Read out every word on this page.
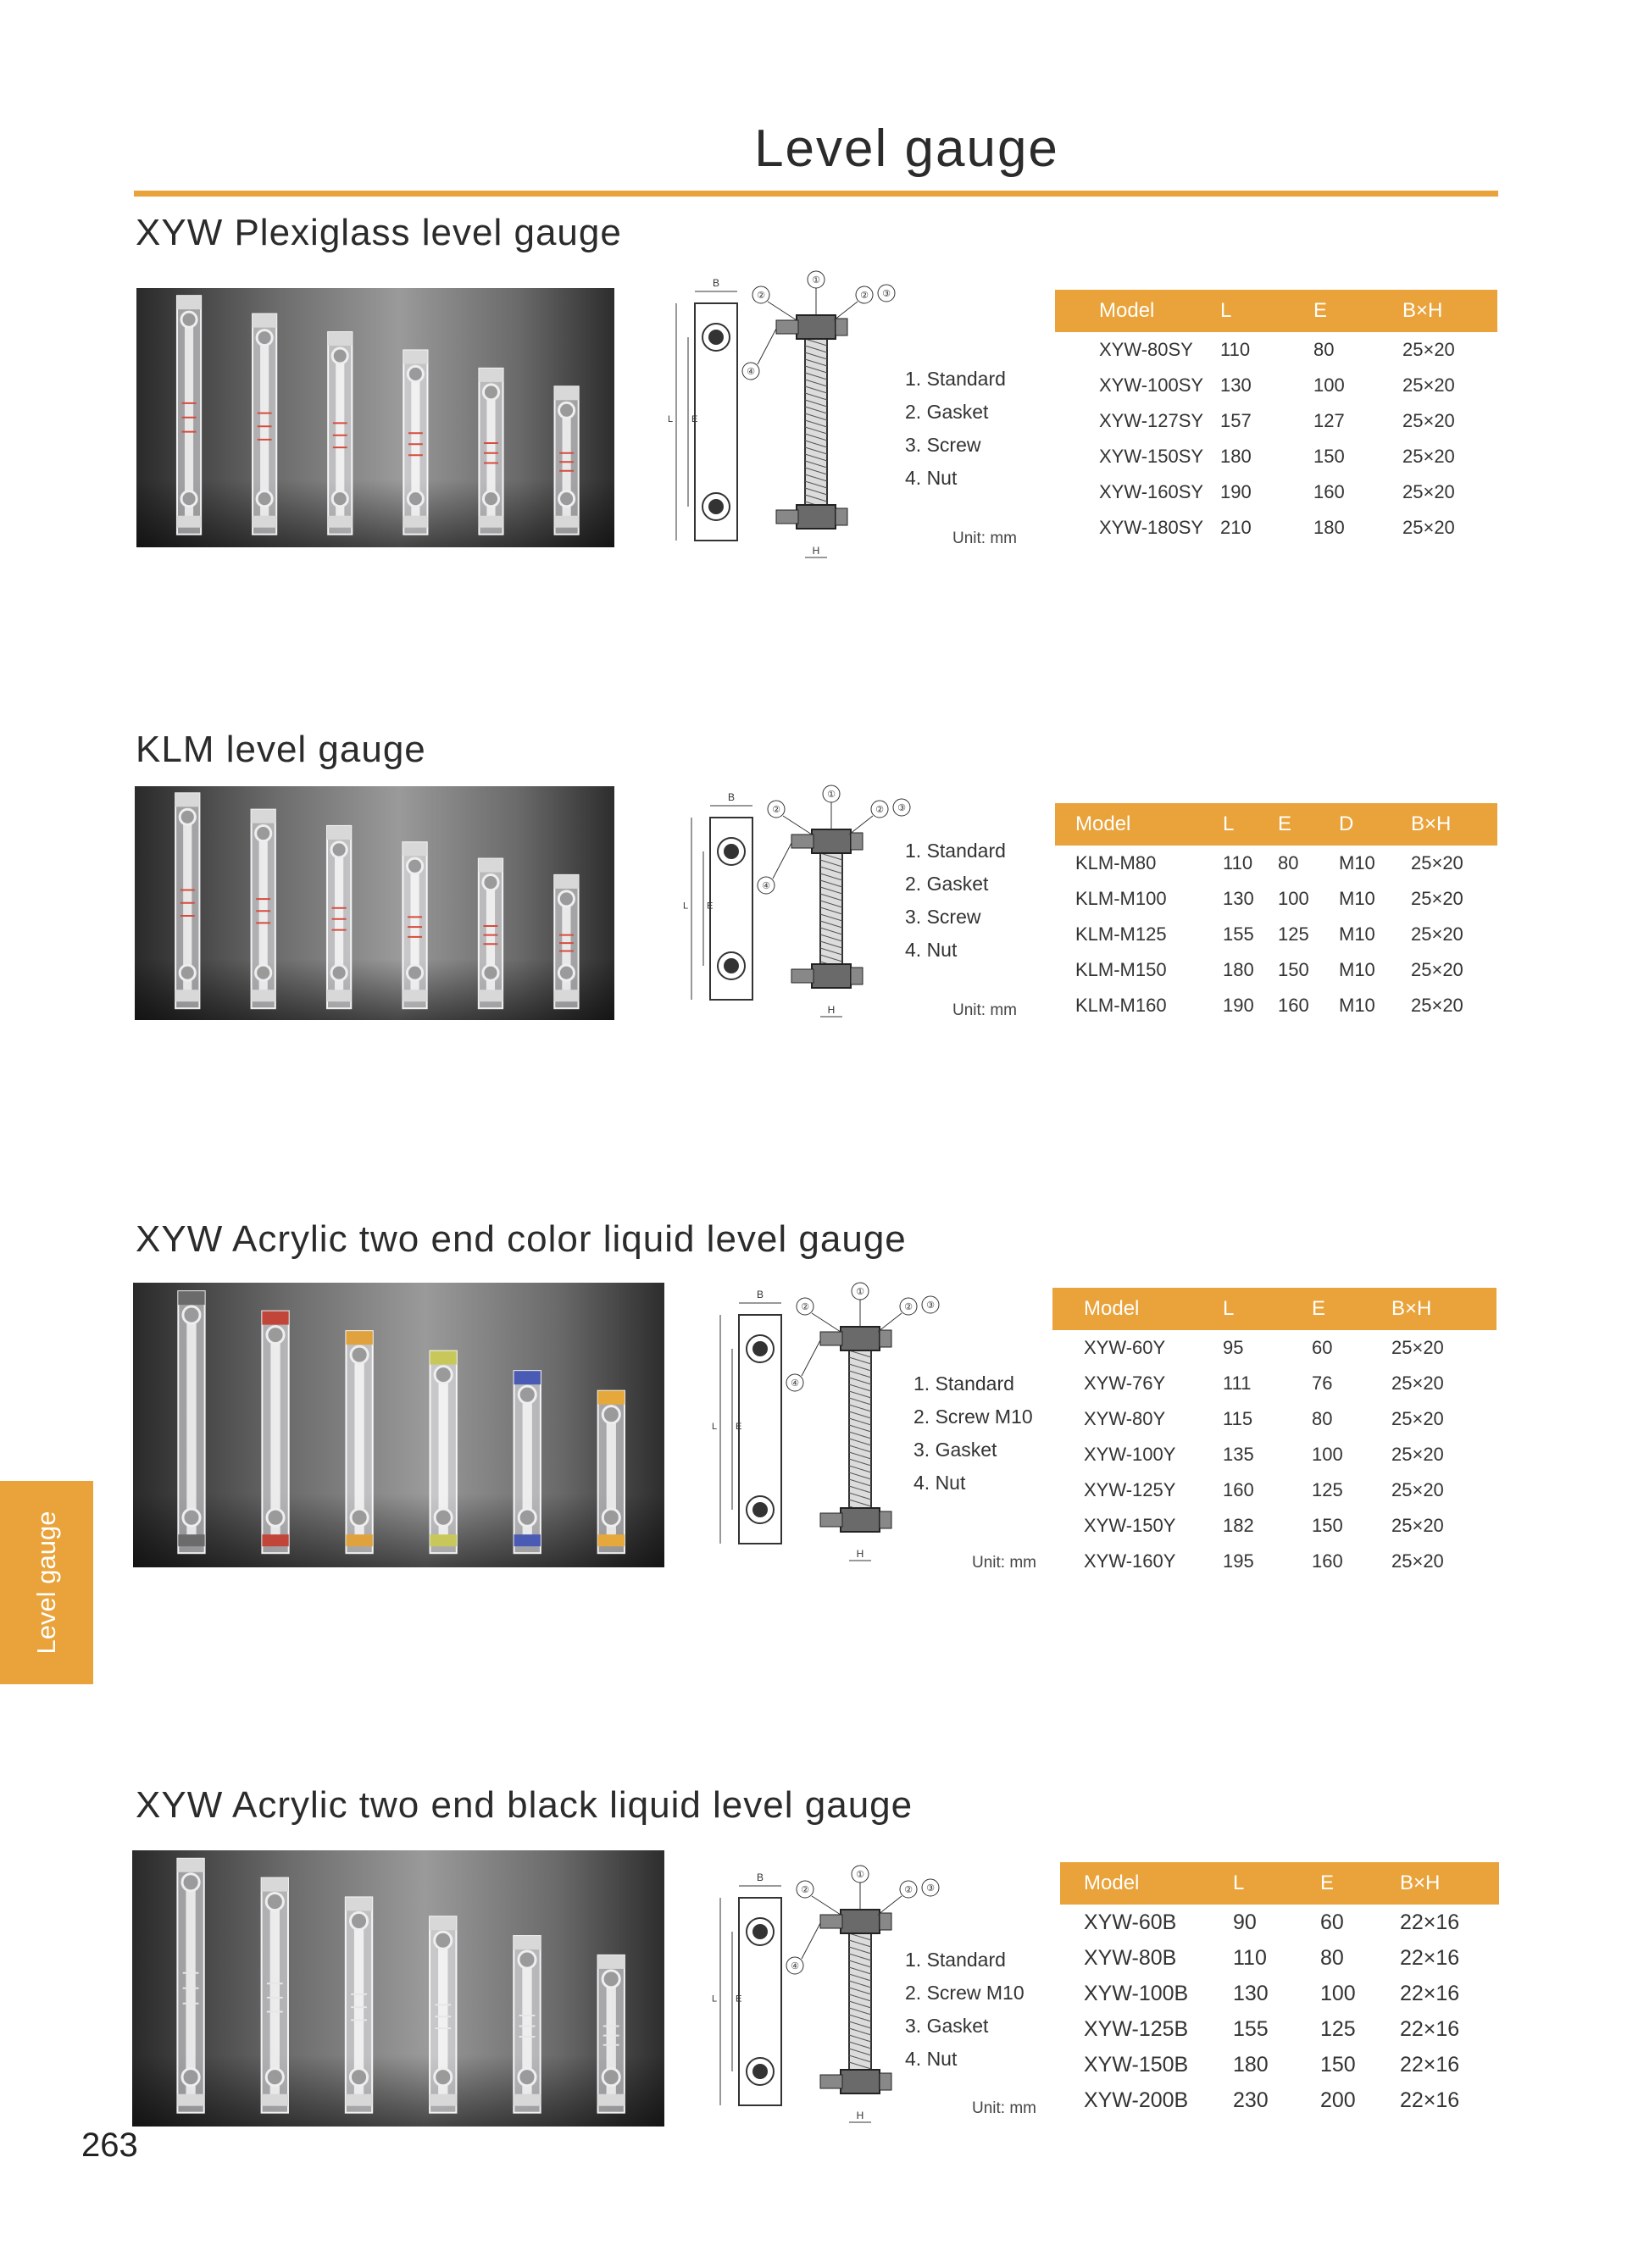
Level gauge
XYW Plexiglass level gauge
B
L E
H
①
②	② ③
④	1. Standard
2. Gasket
3. Screw
4. Nut
Unit: mm
Model	L	E	B×H
XYW-80SY 110	80	25×20
XYW-100SY 130	100	25×20
XYW-127SY 157	127	25×20
XYW-150SY 180	150	25×20
XYW-160SY 190	160	25×20
XYW-180SY 210	180	25×20
KLM level gauge
B
L E
H
①
②	② ③
④
1. Standard
2. Gasket
3. Screw
4. Nut
Unit: mm
Model	L E D	B×H
KLM-M80	110 80 M10 25×20
KLM-M100	130 100 M10 25×20
KLM-M125	155 125 M10 25×20
KLM-M150	180 150 M10 25×20
KLM-M160	190 160 M10 25×20
XYW Acrylic two end color liquid level gauge
B
L E
H
①
②	② ③
④	1. Standard
2. Screw M10
3. Gasket
4. Nut
Unit: mm
Model	L	E	B×H
XYW-60Y	95	60	25×20
XYW-76Y	111	76	25×20
XYW-80Y	115	80	25×20
XYW-100Y	135	100	25×20
XYW-125Y	160	125	25×20
XYW-150Y	182	150	25×20
XYW-160Y	195	160	25×20
XYW Acrylic two end black liquid level gauge
B
L E
H
①
②	② ③
④	1. Standard
2. Screw M10
3. Gasket
4. Nut
Unit: mm
Model	L	E	B×H
XYW-60B	90	60	22×16
XYW-80B	110	80	22×16
XYW-100B 130 100 22×16
XYW-125B 155 125 22×16
XYW-150B 180 150 22×16
XYW-200B 230 200 22×16
Level gauge
263
